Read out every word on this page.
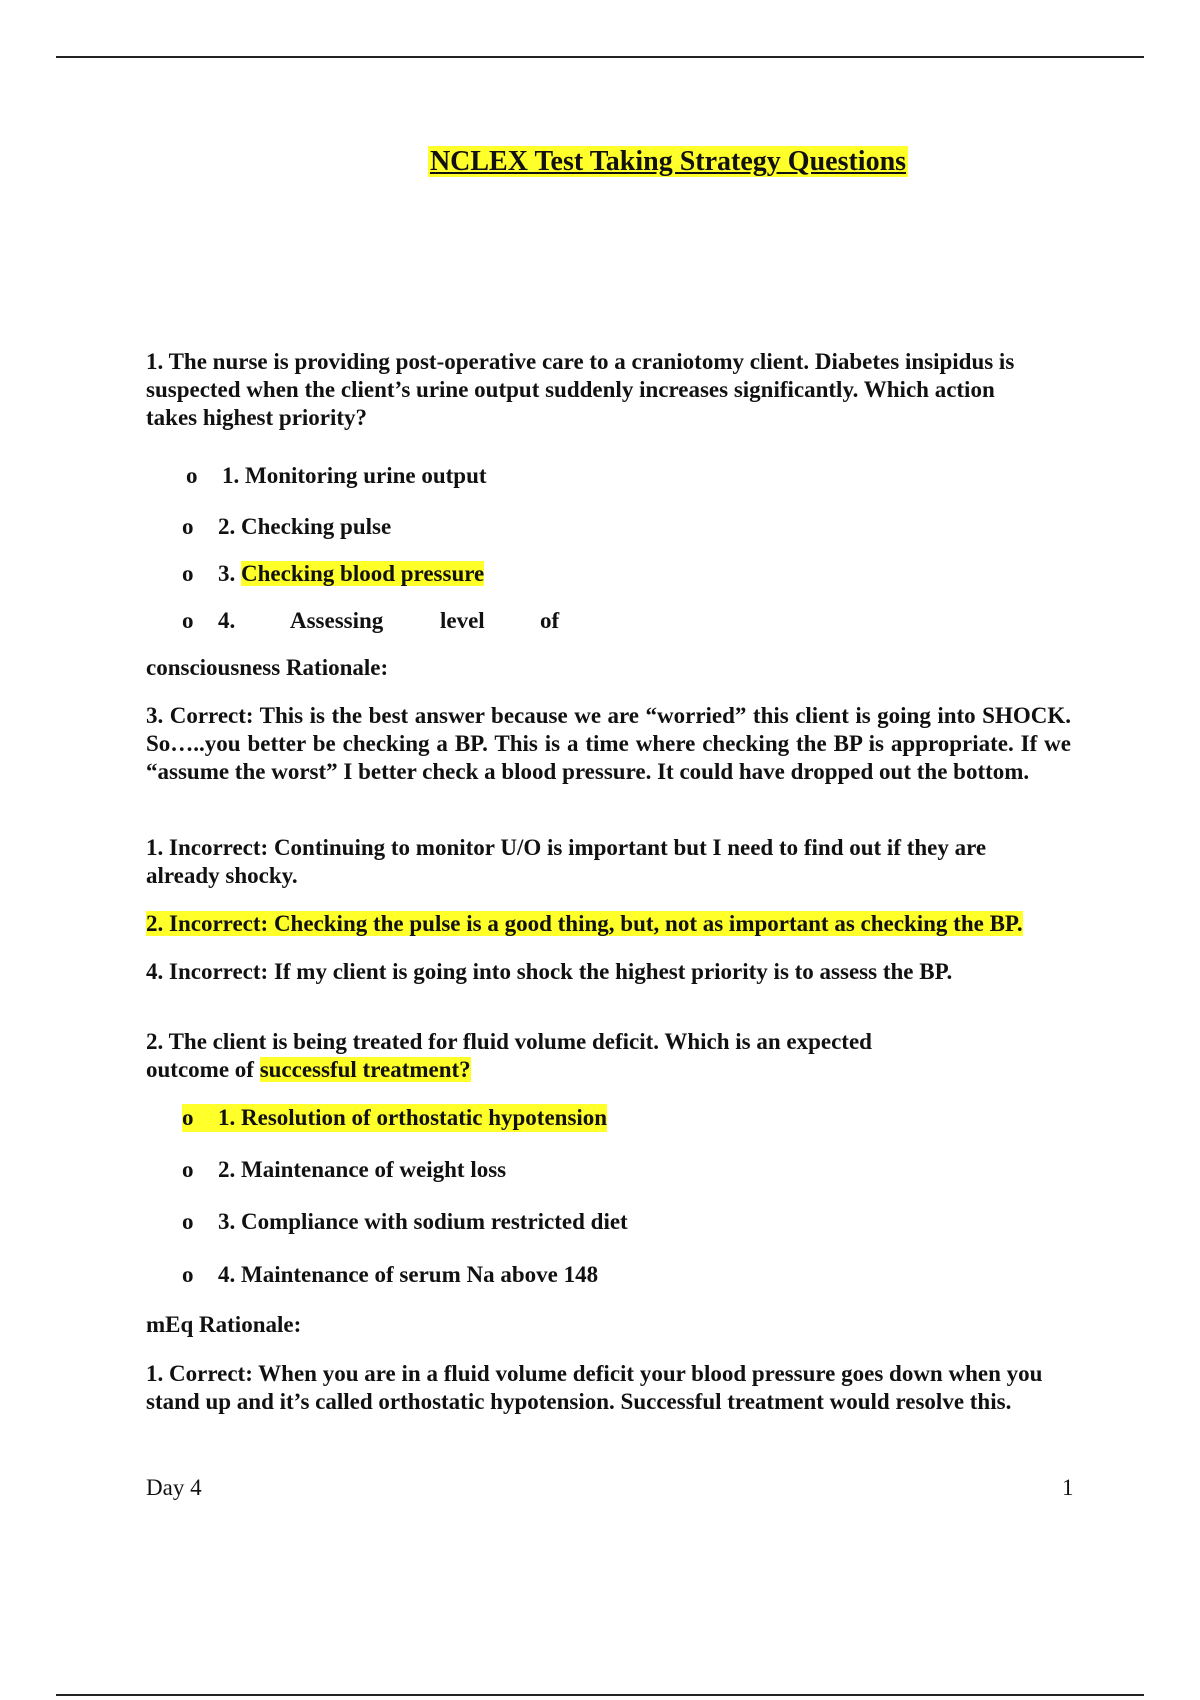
NCLEX Test Taking Strategy Questions

1. The nurse is providing post-operative care to a craniotomy client. Diabetes insipidus is suspected when the client’s urine output suddenly increases significantly. Which action takes highest priority?

o 1. Monitoring urine output
o 2. Checking pulse
o 3. Checking blood pressure
o 4. Assessing level of
consciousness Rationale:

3. Correct: This is the best answer because we are “worried” this client is going into SHOCK. So…..you better be checking a BP. This is a time where checking the BP is appropriate. If we “assume the worst” I better check a blood pressure. It could have dropped out the bottom.

1. Incorrect: Continuing to monitor U/O is important but I need to find out if they are already shocky.

2. Incorrect: Checking the pulse is a good thing, but, not as important as checking the BP.

4. Incorrect: If my client is going into shock the highest priority is to assess the BP.

2. The client is being treated for fluid volume deficit. Which is an expected outcome of successful treatment?

o 1. Resolution of orthostatic hypotension
o 2. Maintenance of weight loss
o 3. Compliance with sodium restricted diet
o 4. Maintenance of serum Na above 148
mEq Rationale:

1. Correct: When you are in a fluid volume deficit your blood pressure goes down when you stand up and it’s called orthostatic hypotension. Successful treatment would resolve this.

Day 4	1
